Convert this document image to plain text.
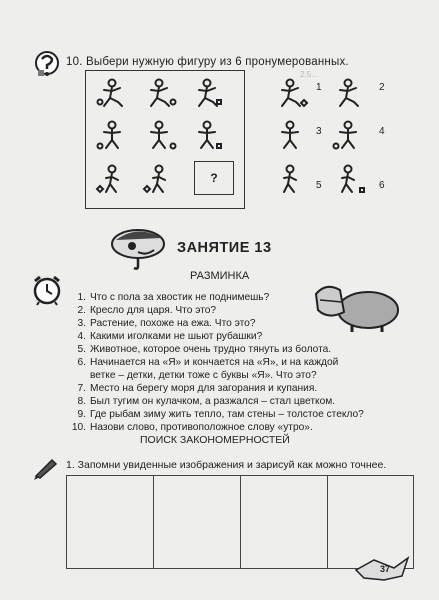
2.5...
10. Выбери нужную фигуру из 6 пронумерованных.
?
1	2
3	4
5	6
ЗАНЯТИЕ 13
РАЗМИНКА
1. Что с пола за хвостик не поднимешь?
2. Кресло для царя. Что это?
3. Растение, похоже на ежа. Что это?
4. Какими иголками не шьют рубашки?
5. Животное, которое очень трудно тянуть из болота.
6. Начинается на «Я» и кончается на «Я», и на каждой
ветке – детки, детки тоже с буквы «Я». Что это?
7. Место на берегу моря для загорания и купания.
8. Был тугим он кулачком, а разжался – стал цветком.
9. Где рыбам зиму жить тепло, там стены – толстое стекло?
10. Назови слово, противоположное слову «утро».
ПОИСК ЗАКОНОМЕРНОСТЕЙ
1. Запомни увиденные изображения и зарисуй как можно точнее.
37
